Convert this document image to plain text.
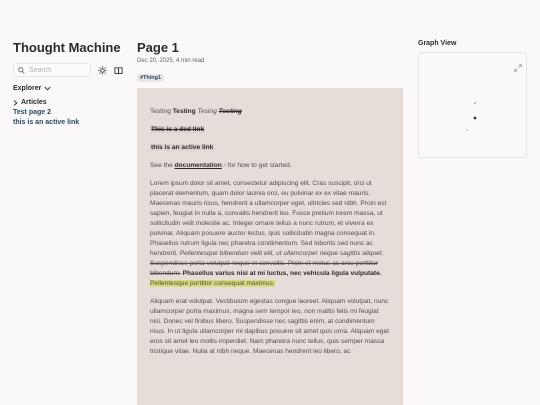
Thought Machine
Search
Explorer
Articles
Test page 2
this is an active link
Page 1
Dec 20, 2025, 4 min read
#Thing1
Testing Testing Tesing Testing
This is a ded link
this is an active link
See the documentation↗ for how to get started.
Lorem ipsum dolor sit amet, consectetur adipiscing elit. Cras suscipit, orci ut placerat elementum, quam dolor lacinia orci, eu pulvinar ex ex vitae mauris. Maecenas mauris risus, hendrerit a ullamcorper eget, ultricies sed nibh. Proin est sapien, feugiat in nulla a, convallis hendrerit leo. Fusce pretium lorem massa, ut sollicitudin velit molestie ac. Integer ornare tellus a nunc rutrum, et viverra ex pulvinar. Aliquam posuere auctor lectus, quis sollicitudin magna consequat in. Phasellus rutrum ligula nec pharetra condimentum. Sed lobortis sed nunc ac hendrerit. Pellentesque bibendum velit elit, ut ullamcorper neque sagittis aliquet. Suspendisse porta volutpat neque et convallis. Proin et metus ac arcu porttitor bibendum. Phasellus varius nisi at mi luctus, nec vehicula ligula vulputate. Pellentesque porttitor consequat maximus.
Aliquam erat volutpat. Vestibulum egestas congue laoreet. Aliquam volutpat, nunc ullamcorper porta maximus, magna sem tempor leo, non mattis felis mi feugiat nisi. Donec vel finibus libero. Suspendisse nec sagittis enim, at condimentum risus. In ut ligula ullamcorper mi dapibus posuere sit amet quis urna. Aliquam eget eros sit amet leo mollis imperdiet. Nam pharetra nunc tellus, quis semper massa tristique vitae. Nulla at nibh neque. Maecenas hendrerit leo libero, ac
Graph View
